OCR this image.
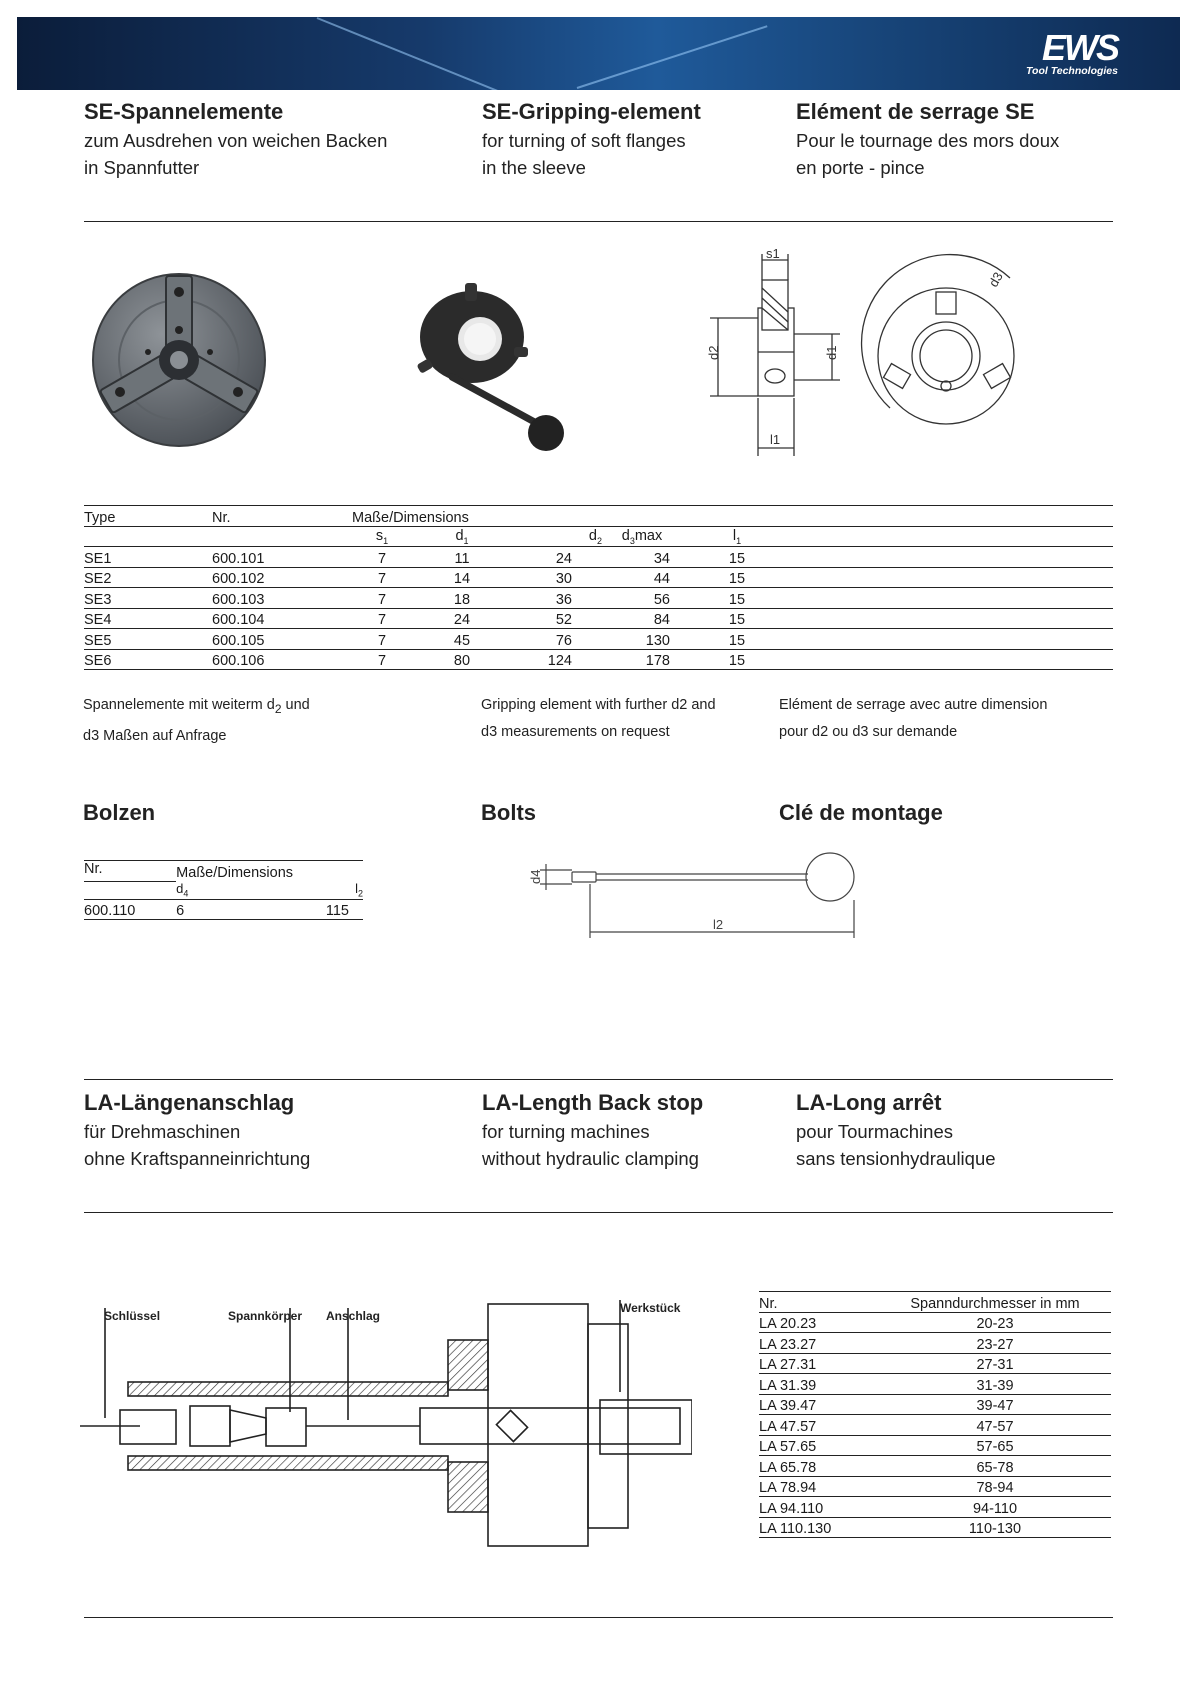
EWS
Tool Technologies
SE-Spannelemente
zum Ausdrehen von weichen Backen
in Spannfutter
SE-Gripping-element
for turning of soft flanges
in the sleeve
Elément de serrage SE
Pour le tournage des mors doux
en porte - pince
d2	d1
s1
l1
d3
Type	Nr.	Maße/Dimensions					
		$s_1$	$d_1$	$d_2$	$d_3\max$	$l_1$	
SE1	600.101	7	11	24	34	15	
SE2	600.102	7	14	30	44	15	
SE3	600.103	7	18	36	56	15	
SE4	600.104	7	24	52	84	15	
SE5	600.105	7	45	76	130	15	
SE6	600.106	7	80	124	178	15	
Spannelemente mit weiterm $d_2$ und
d3 Maßen auf Anfrage
Gripping element with further d2 and
d3 measurements on request
Elément de serrage avec autre dimension
pour d2 ou d3 sur demande
Bolzen	Bolts	Clé de montage
Nr.	Maße/Dimensions	
	$d_4$	$l_2$
600.110	6	115
d4
l2
LA-Längenanschlag
für Drehmaschinen
ohne Kraftspanneinrichtung
LA-Length Back stop
for turning machines
without hydraulic clamping
LA-Long arrêt
pour Tourmachines
sans tensionhydraulique
Schlüssel	Spannkörper Anschlag
Werkstück	Nr.	Spanndurchmesser in mm
LA 20.23	20-23
LA 23.27	23-27
LA 27.31	27-31
LA 31.39	31-39
LA 39.47	39-47
LA 47.57	47-57
LA 57.65	57-65
LA 65.78	65-78
LA 78.94	78-94
LA 94.110	94-110
LA 110.130	110-130
